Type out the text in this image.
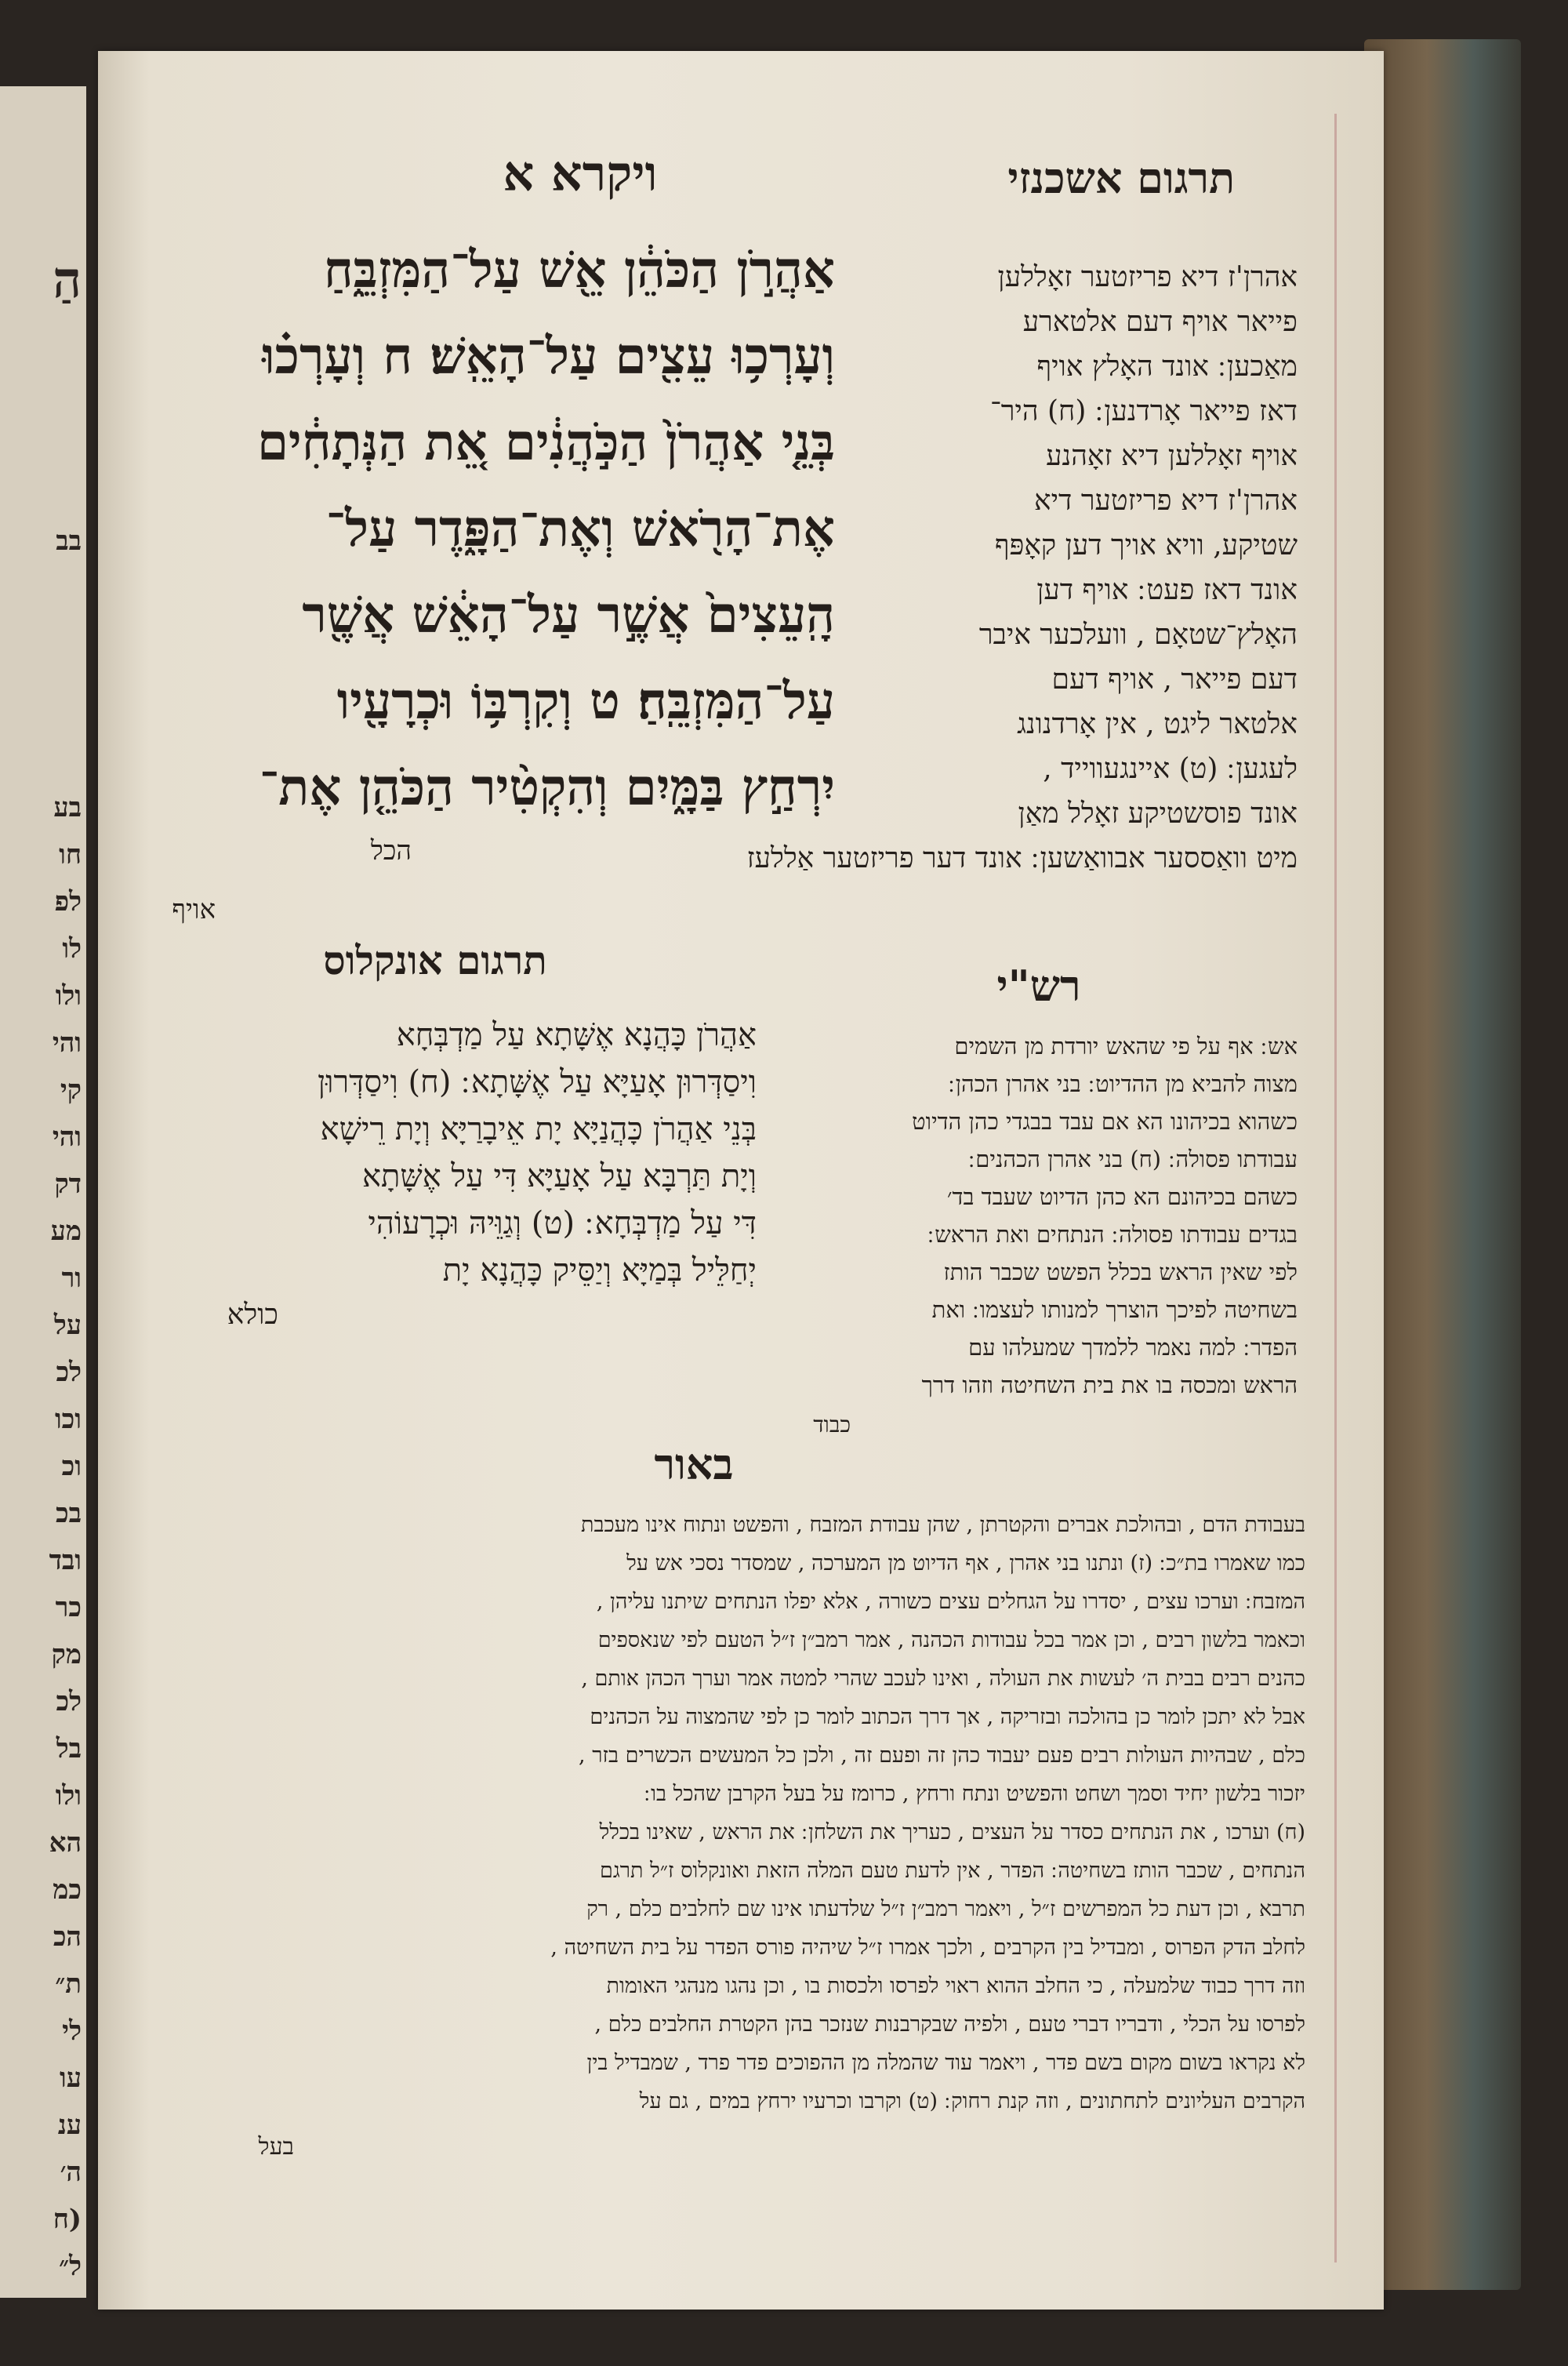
הַ
בב
בע
חו
לפ
לו
ולו
והי
קי
והי
דק
מע
ור
על
לכ
וכו
וכ
בכ
ובד
כר
מק
לכ
בל
ולו
הא
כמ
הכ
ת״
לי
עו
ענ
ה׳
(ח
ל״
ויקרא א	תרגום אשכנזי
אַהֲרֹ֣ן הַכֹּהֵ֔ן אֵ֖שׁ עַל־הַמִּזְבֵּ֑חַ
וְעָרְכ֥וּ עֵצִ֖ים עַל־הָאֵֽשׁ׃ ח וְעָרְכ֗וּ
בְּנֵ֤י אַהֲרֹן֙ הַכֹּ֣הֲנִ֔ים אֵ֚ת הַנְּתָחִ֔ים
אֶת־הָרֹ֖אשׁ וְאֶת־הַפָּ֑דֶר עַל־
הָֽעֵצִים֙ אֲשֶׁ֣ר עַל־הָאֵ֔שׁ אֲשֶׁ֖ר
עַל־הַמִּזְבֵּֽחַ׃ ט וְקִרְבּ֥וֹ וּכְרָעָ֖יו
יִרְחַ֣ץ בַּמָּ֑יִם וְהִקְטִ֨יר הַכֹּהֵ֤ן אֶת־
הכל
אהרן'ז דיא פריזטער זאָללען
פייאר אויף דעם אלטארע
מאַכען ׃ אונד האָלץ אויף
דאז פייאר אָרדנען ׃ (ח) היר־
אויף זאָללען דיא זאָהנע
אהרן'ז דיא פריזטער דיא
שטיקע, וויא אויך דען קאָפּף
אונד דאז פעט ׃ אויף דען
האָלץ־שטאָם , וועלכער איבר
דעם פייאר , אויף דעם
אלטאר ליגט , אין אָרדנונג
לעגען ׃ (ט) איינגעווייד ,
אונד פוסשטיקע זאָלל מאַן
מיט וואַססער אבוואַשען ׃ אונד דער פריזטער אַללעז
אויף
תרגום אונקלוס
אַהֲרֹן כָּהֲנָא אֶשָּׁתָא עַל מַדְבְּחָא
וִיסַדְּרוּן אָעַיָּא עַל אֶשָּׁתָא ׃ (ח) וִיסַדְּרוּן
בְּנֵי אַהֲרֹן כָּהֲנַיָּא יָת אֵיבָרַיָּא וְיָת רֵישָׁא
וְיָת תַּרְבָּא עַל אָעַיָּא דִּי עַל אֶשָּׁתָא
דִּי עַל מַדְבְּחָא ׃ (ט) וְגַוֵּיהּ וּכְרָעוֹהִי
יְחַלֵּיל בְּמַיָּא וְיַסֵּיק כָּהֲנָא יָת
כולא
רש"י
אש ׃ אף על פי שהאש יורדת מן השמים
מצוה להביא מן ההדיוט ׃ בני אהרן הכהן ׃
כשהוא בכיהונו הא אם עבד בבגדי כהן הדיוט
עבודתו פסולה ׃ (ח) בני אהרן הכהנים ׃
כשהם בכיהונם הא כהן הדיוט שעבד בד׳
בגדים עבודתו פסולה ׃ הנתחים ואת הראש ׃
לפי שאין הראש בכלל הפשט שכבר הותז
בשחיטה לפיכך הוצרך למנותו לעצמו ׃ ואת
הפדר ׃ למה נאמר ללמדך שמעלהו עם
הראש ומכסה בו את בית השחיטה וזהו דרך
כבוד
באור
בעבודת הדם , ובהולכת אברים והקטרתן , שהן עבודת המזבח , והפשט ונתוח אינו מעכבת
כמו שאמרו בת״כ ׃ (ז) ונתנו בני אהרן , אף הדיוט מן המערכה , שמסדר נסכי אש על
המזבח ׃ וערכו עצים , יסדרו על הגחלים עצים כשורה , אלא יפלו הנתחים שיתנו עליהן ,
וכאמר בלשון רבים , וכן אמר בכל עבודות הכהנה , אמר רמב״ן ז״ל הטעם לפי שנאספים
כהנים רבים בבית ה׳ לעשות את העולה , ואינו לעכב שהרי למטה אמר וערך הכהן אותם ,
אבל לא יתכן לומר כן בהולכה ובזריקה , אך דרך הכתוב לומר כן לפי שהמצוה על הכהנים
כלם , שבהיות העולות רבים פעם יעבוד כהן זה ופעם זה , ולכן כל המעשים הכשרים בזר ,
יזכור בלשון יחיד וסמך ושחט והפשיט ונתח ורחץ , כרומז על בעל הקרבן שהכל בו ׃
(ח) וערכו , את הנתחים כסדר על העצים , כעריך את השלחן ׃ את הראש , שאינו בכלל
הנתחים , שכבר הותז בשחיטה ׃ הפדר , אין לדעת טעם המלה הזאת ואונקלוס ז״ל תרגם
תרבא , וכן דעת כל המפרשים ז״ל , ויאמר רמב״ן ז״ל שלדעתו אינו שם לחלבים כלם , רק
לחלב הדק הפרוס , ומבדיל בין הקרבים , ולכך אמרו ז״ל שיהיה פורס הפדר על בית השחיטה ,
וזה דרך כבוד שלמעלה , כי החלב ההוא ראוי לפרסו ולכסות בו , וכן נהגו מנהגי האומות
לפרסו על הכלי , ודבריו דברי טעם , ולפיה שבקרבנות שנזכר בהן הקטרת החלבים כלם ,
לא נקראו בשום מקום בשם פדר , ויאמר עוד שהמלה מן ההפוכים פדר פרד , שמבדיל בין
הקרבים העליונים לתחתונים , וזה קנת רחוק ׃ (ט) וקרבו וכרעיו ירחץ במים , גם על
בעל
